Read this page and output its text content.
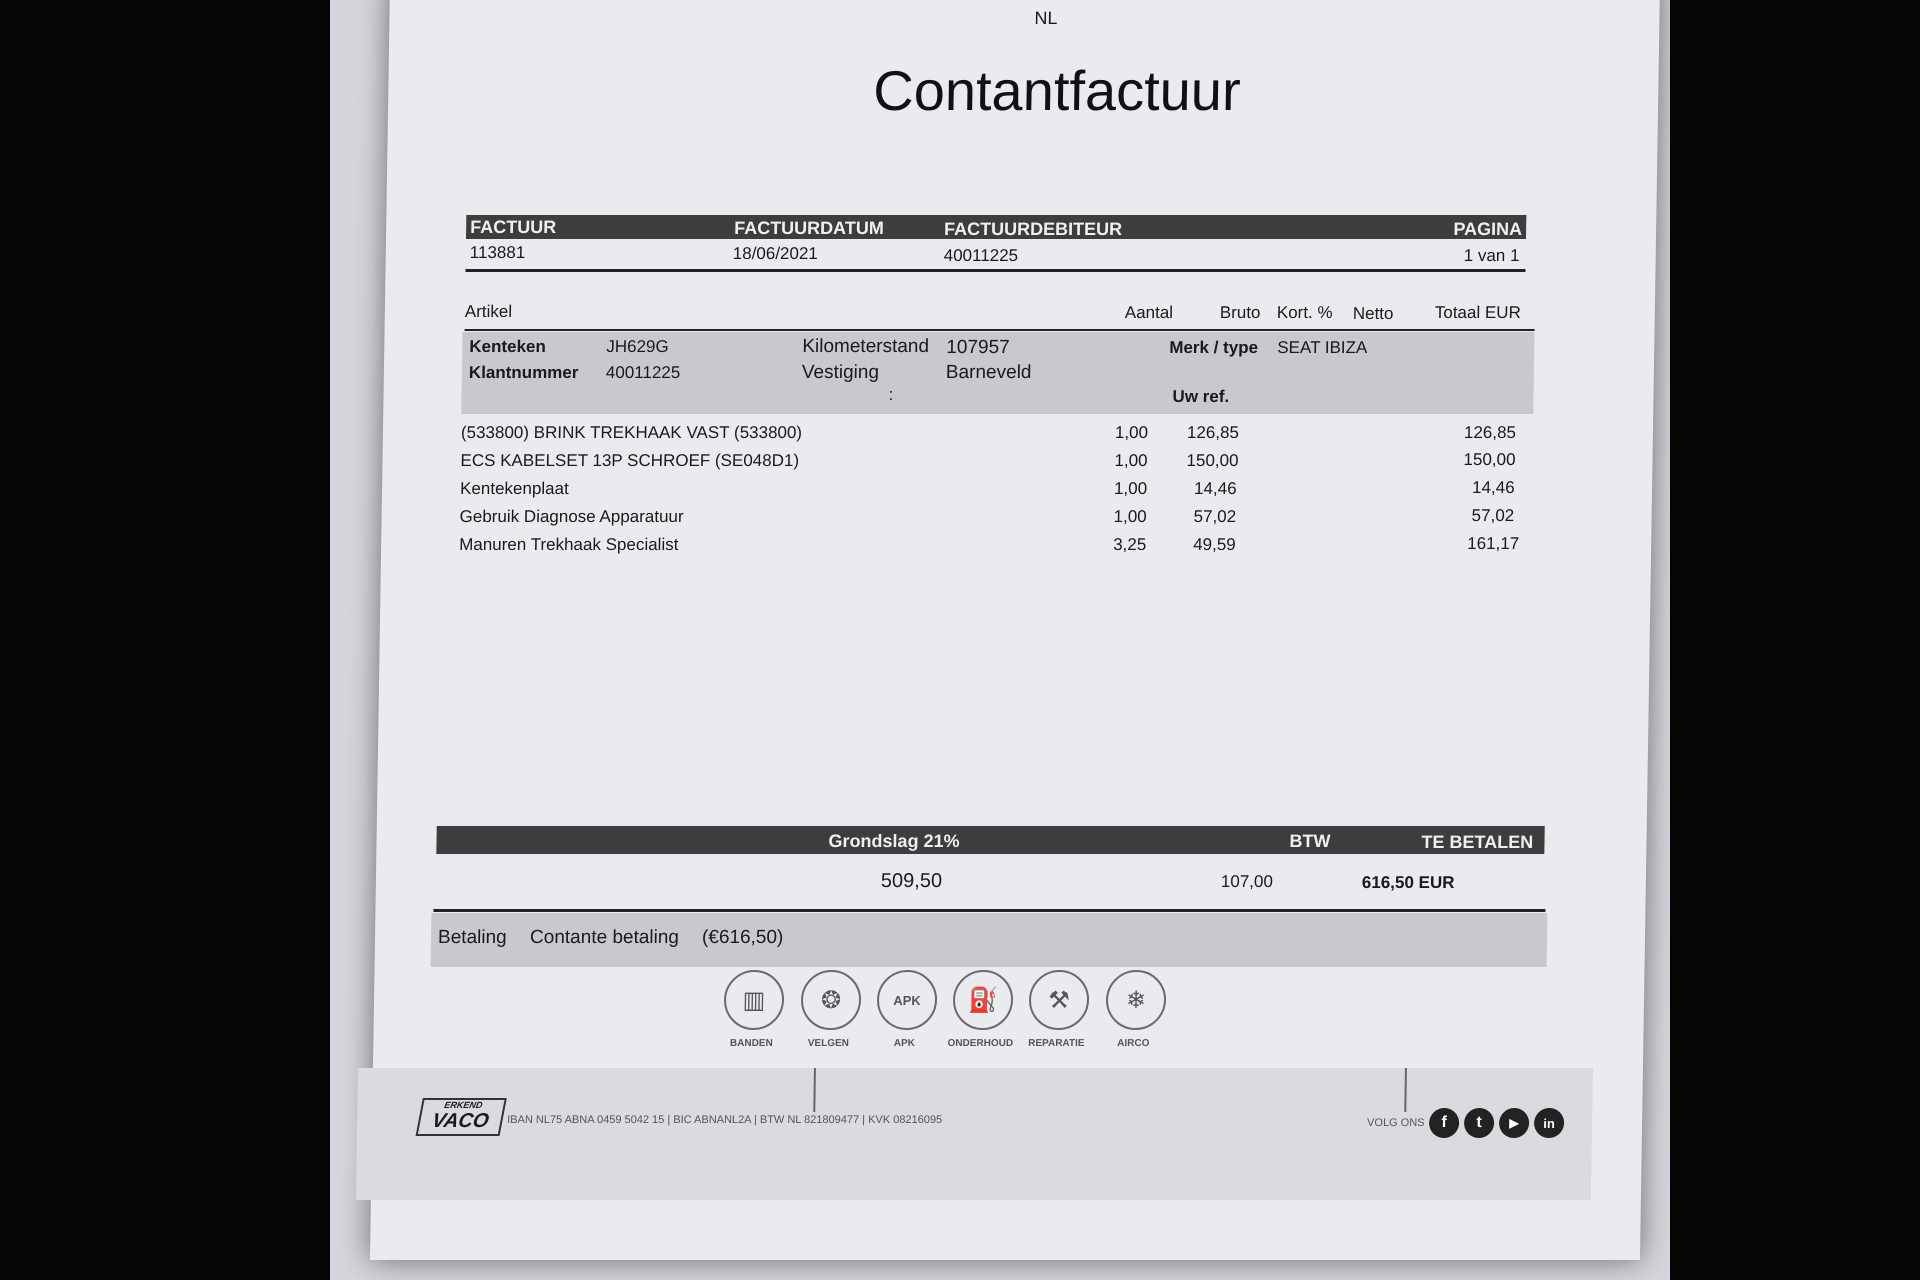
NL
Contantfactuur
FACTUUR	FACTUURDATUM	FACTUURDEBITEUR	PAGINA
113881	18/06/2021	40011225	1 van 1
Artikel	Aantal	Bruto Kort. % Netto Totaal EUR
Kenteken	JH629G
Klantnummer 40011225
Kilometerstand 107957
Vestiging	Barneveld
:
Merk / type SEAT IBIZA
Uw ref.
(533800) BRINK TREKHAAK VAST (533800)	1,00 126,85	126,85
ECS KABELSET 13P SCHROEF (SE048D1)	1,00 150,00	150,00
Kentekenplaat	1,00	14,46	14,46
Gebruik Diagnose Apparatuur	1,00	57,02	57,02
Manuren Trekhaak Specialist	3,25	49,59	161,17
Grondslag 21%	BTW	TE BETALEN
509,50	107,00	616,50 EUR
Betaling Contante betaling (€616,50)
▥
BANDEN
❂
VELGEN
APK
APK
⛽
ONDERHOUD
⚒
REPARATIE
❄
AIRCO
ERKEND
VACO	IBAN NL75 ABNA 0459 5042 15 | BIC ABNANL2A | BTW NL 821809477 | KVK 08216095	VOLG ONS f t ▶ in
